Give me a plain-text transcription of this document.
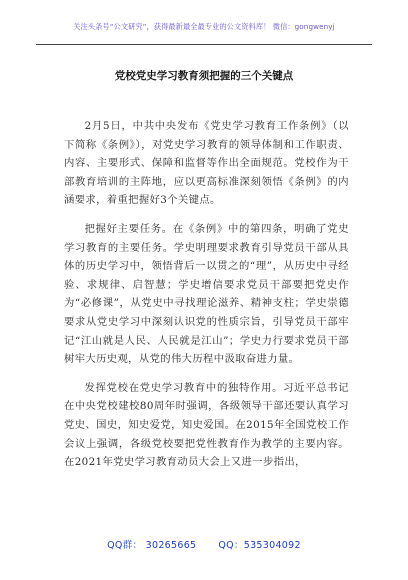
关注头条号“公文研究”，获得最新最全最专业的公文资料库！ 微信：gongwenyj
党校党史学习教育须把握的三个关键点

2月5日，中共中央发布《党史学习教育工作条例》（以下简称《条例》），对党史学习教育的领导体制和工作职责、内容、主要形式、保障和监督等作出全面规范。党校作为干部教育培训的主阵地，应以更高标准深刻领悟《条例》的内涵要求，着重把握好3个关键点。

把握好主要任务。在《条例》中的第四条，明确了党史学习教育的主要任务。学史明理要求教育引导党员干部从具体的历史学习中，领悟背后一以贯之的“理”，从历史中寻经验、求规律、启智慧；学史增信要求党员干部要把党史作为“必修课”，从党史中寻找理论滋养、精神支柱；学史崇德要求从党史学习中深刻认识党的性质宗旨，引导党员干部牢记“江山就是人民、人民就是江山”；学史力行要求党员干部树牢大历史观，从党的伟大历程中汲取奋进力量。

发挥党校在党史学习教育中的独特作用。习近平总书记在中央党校建校80周年时强调，各级领导干部还要认真学习党史、国史，知史爱党，知史爱国。在2015年全国党校工作会议上强调，各级党校要把党性教育作为教学的主要内容。在2021年党史学习教育动员大会上又进一步指出，

QQ群： 30265665 QQ：535304092
